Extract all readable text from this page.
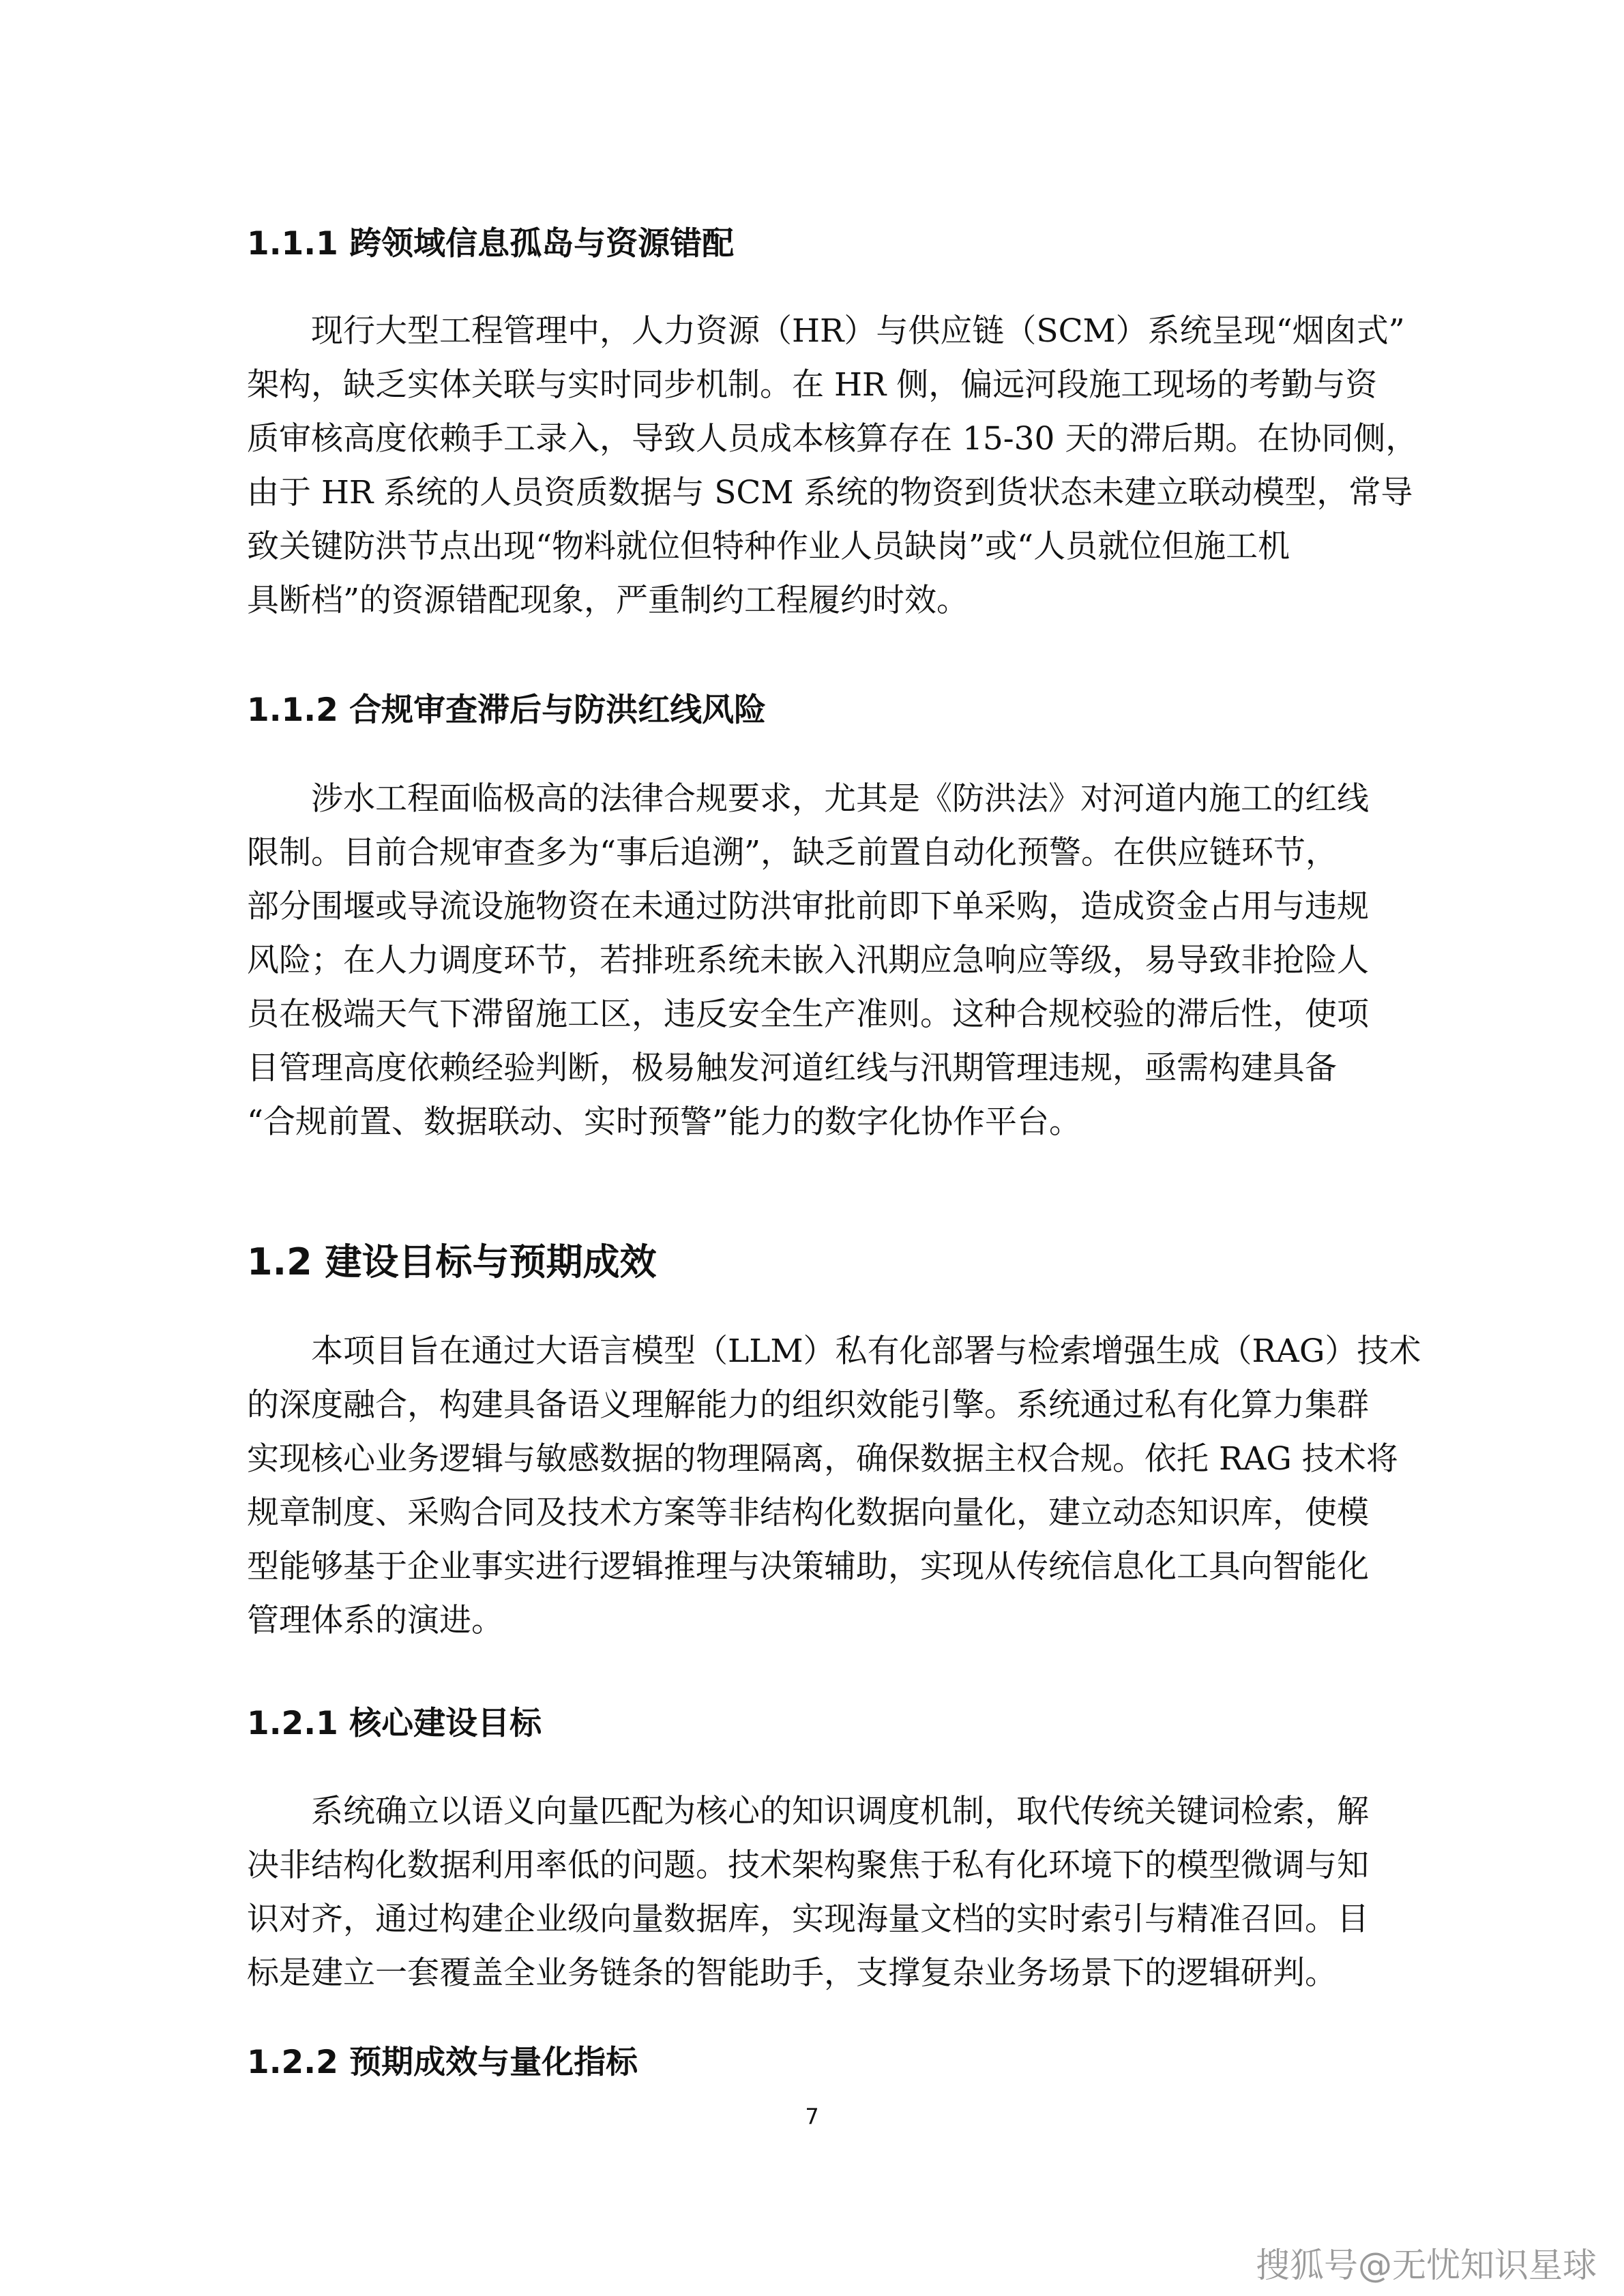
1.1.1 跨领域信息孤岛与资源错配
现行大型工程管理中，人力资源（HR）与供应链（SCM）系统呈现“烟囱式”
架构，缺乏实体关联与实时同步机制。在 HR 侧，偏远河段施工现场的考勤与资
质审核高度依赖手工录入，导致人员成本核算存在 15-30 天的滞后期。在协同侧，
由于 HR 系统的人员资质数据与 SCM 系统的物资到货状态未建立联动模型，常导
致关键防洪节点出现“物料就位但特种作业人员缺岗”或“人员就位但施工机
具断档”的资源错配现象，严重制约工程履约时效。
1.1.2 合规审查滞后与防洪红线风险
涉水工程面临极高的法律合规要求，尤其是《防洪法》对河道内施工的红线
限制。目前合规审查多为“事后追溯”，缺乏前置自动化预警。在供应链环节，
部分围堰或导流设施物资在未通过防洪审批前即下单采购，造成资金占用与违规
风险；在人力调度环节，若排班系统未嵌入汛期应急响应等级，易导致非抢险人
员在极端天气下滞留施工区，违反安全生产准则。这种合规校验的滞后性，使项
目管理高度依赖经验判断，极易触发河道红线与汛期管理违规，亟需构建具备
“合规前置、数据联动、实时预警”能力的数字化协作平台。
1.2 建设目标与预期成效
本项目旨在通过大语言模型（LLM）私有化部署与检索增强生成（RAG）技术
的深度融合，构建具备语义理解能力的组织效能引擎。系统通过私有化算力集群
实现核心业务逻辑与敏感数据的物理隔离，确保数据主权合规。依托 RAG 技术将
规章制度、采购合同及技术方案等非结构化数据向量化，建立动态知识库，使模
型能够基于企业事实进行逻辑推理与决策辅助，实现从传统信息化工具向智能化
管理体系的演进。
1.2.1 核心建设目标
系统确立以语义向量匹配为核心的知识调度机制，取代传统关键词检索，解
决非结构化数据利用率低的问题。技术架构聚焦于私有化环境下的模型微调与知
识对齐，通过构建企业级向量数据库，实现海量文档的实时索引与精准召回。目
标是建立一套覆盖全业务链条的智能助手，支撑复杂业务场景下的逻辑研判。
1.2.2 预期成效与量化指标
7
搜狐号@无忧知识星球
